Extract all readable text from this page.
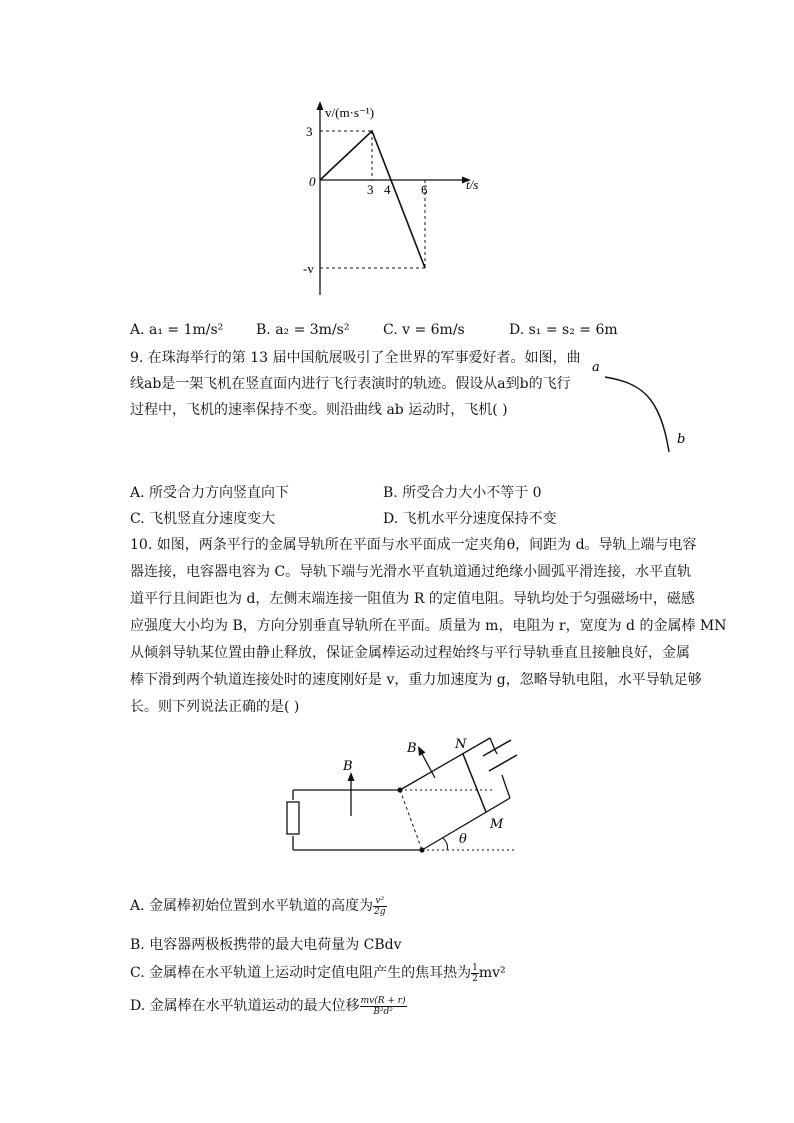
v/(m·s⁻¹)
t/s
0
3
-v
3 4 6
A. a₁ = 1m/s² B. a₂ = 3m/s² C. v = 6m/s	D. s₁ = s₂ = 6m
9. 在珠海举行的第 13 届中国航展吸引了全世界的军事爱好者。如图，曲
线ab是一架飞机在竖直面内进行飞行表演时的轨迹。假设从a到b的飞行
过程中，飞机的速率保持不变。则沿曲线 ab 运动时，飞机( )
a
b
A. 所受合力方向竖直向下	B. 所受合力大小不等于 0
C. 飞机竖直分速度变大	D. 飞机水平分速度保持不变
10. 如图，两条平行的金属导轨所在平面与水平面成一定夹角θ，间距为 d。导轨上端与电容
器连接，电容器电容为 C。导轨下端与光滑水平直轨道通过绝缘小圆弧平滑连接，水平直轨
道平行且间距也为 d，左侧末端连接一阻值为 R 的定值电阻。导轨均处于匀强磁场中，磁感
应强度大小均为 B，方向分别垂直导轨所在平面。质量为 m，电阻为 r，宽度为 d 的金属棒 MN
从倾斜导轨某位置由静止释放，保证金属棒运动过程始终与平行导轨垂直且接触良好，金属
棒下滑到两个轨道连接处时的速度刚好是 v，重力加速度为 g，忽略导轨电阻，水平导轨足够
长。则下列说法正确的是( )
B
B	N
M
θ
A. 金属棒初始位置到水平轨道的高度为 $\frac{\text{v²}}{2g}$
B. 电容器两极板携带的最大电荷量为 CBdv
C. 金属棒在水平轨道上运动时定值电阻产生的焦耳热为 $\frac{1}{2} mv^2$
D. 金属棒在水平轨道运动的最大位移 $\frac{mv(R + r)}{\text{B²d²}}$
